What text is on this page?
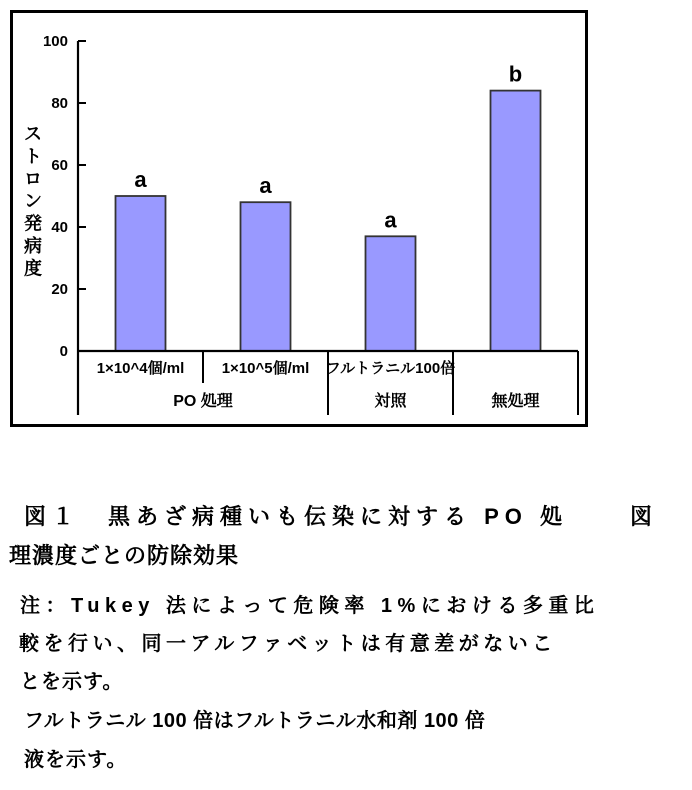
a	a
a
b
0
20
40
60
80
100
1×10^4個/ml 1×10^5個/ml フルトラニル100倍
PO 処理	対照	無処理
ス
ト
ロ
ン
発
病
度
図１　黒あざ病種いも伝染に対する PO 処	図
理濃度ごとの防除効果
注：Tukey 法によって危険率 1%における多重比
較を行い、同一アルファベットは有意差がないこ
とを示す。
フルトラニル 100 倍はフルトラニル水和剤 100 倍
液を示す。
